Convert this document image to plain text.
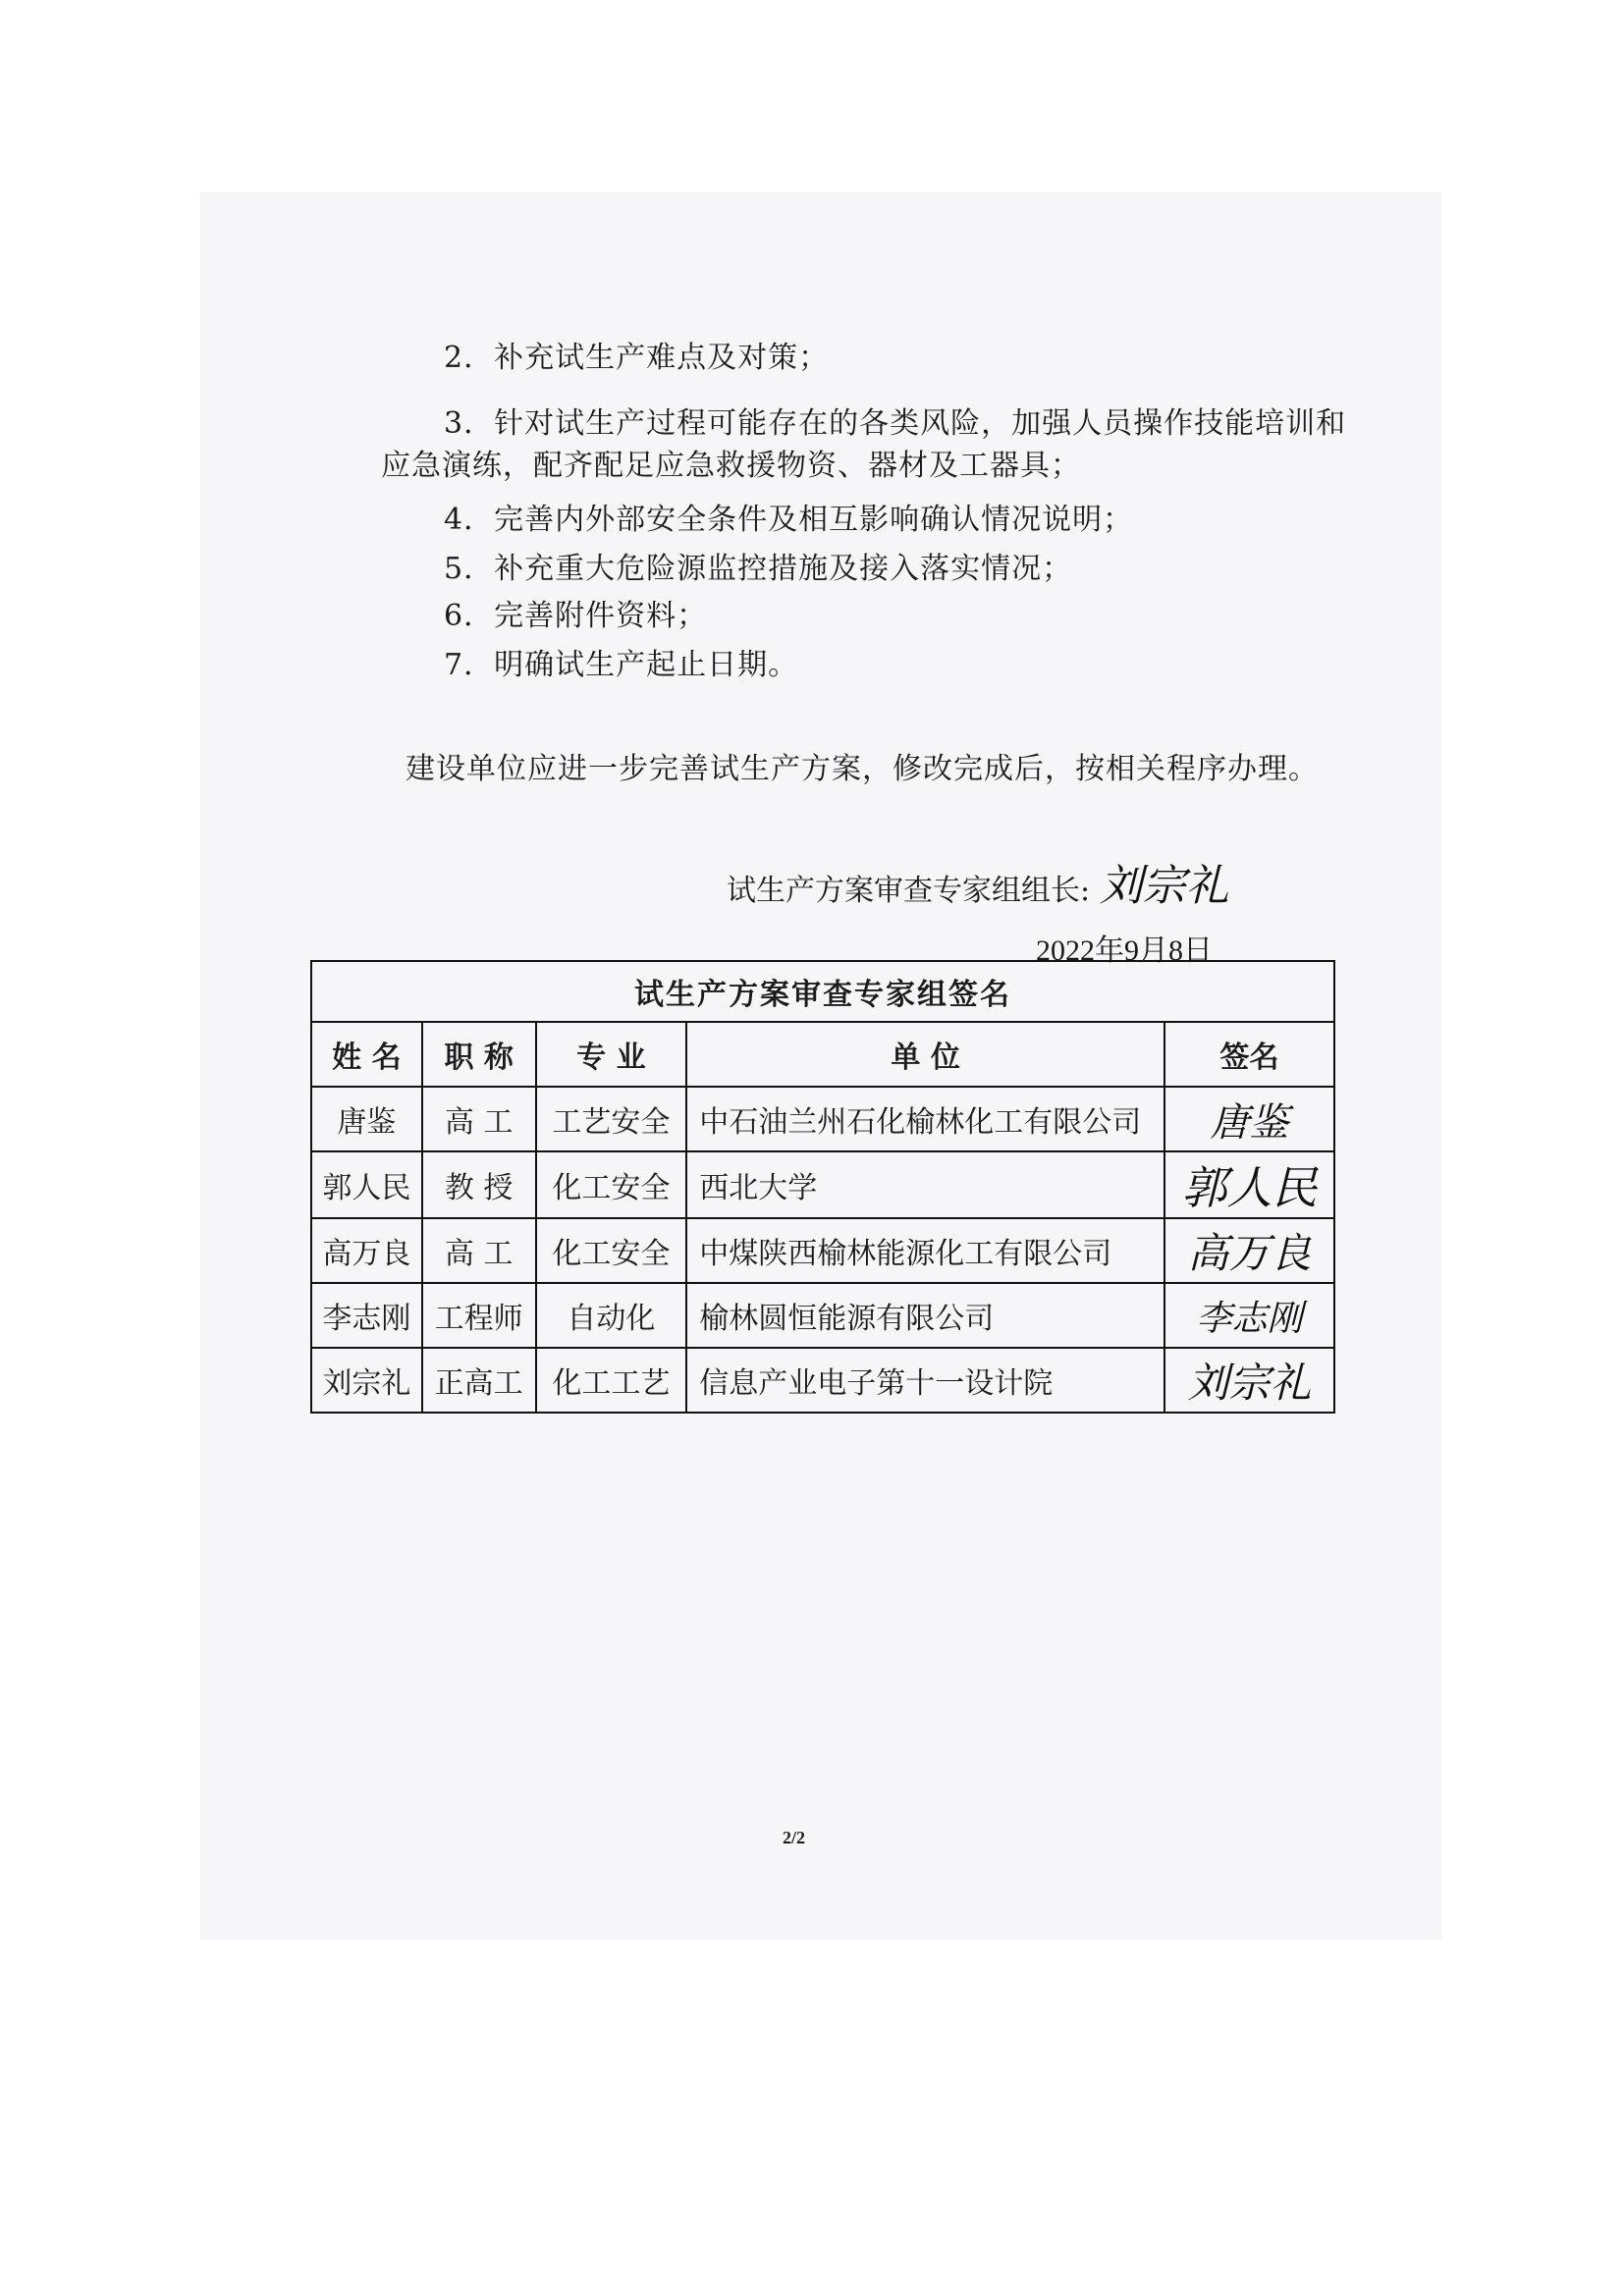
2．补充试生产难点及对策；
3．针对试生产过程可能存在的各类风险，加强人员操作技能培训和
应急演练，配齐配足应急救援物资、器材及工器具；
4．完善内外部安全条件及相互影响确认情况说明；
5．补充重大危险源监控措施及接入落实情况；
6．完善附件资料；
7．明确试生产起止日期。
建设单位应进一步完善试生产方案，修改完成后，按相关程序办理。
试生产方案审查专家组组长: 刘宗礼
2022年9月8日
试生产方案审查专家组签名				
姓 名	职 称	专 业	单 位	签名
唐鉴	高 工	工艺安全	中石油兰州石化榆林化工有限公司	唐鉴
郭人民	教 授	化工安全	西北大学	郭人民
高万良	高 工	化工安全	中煤陕西榆林能源化工有限公司	高万良
李志刚	工程师	自动化	榆林圆恒能源有限公司	李志刚
刘宗礼	正高工	化工工艺	信息产业电子第十一设计院	刘宗礼
2/2
